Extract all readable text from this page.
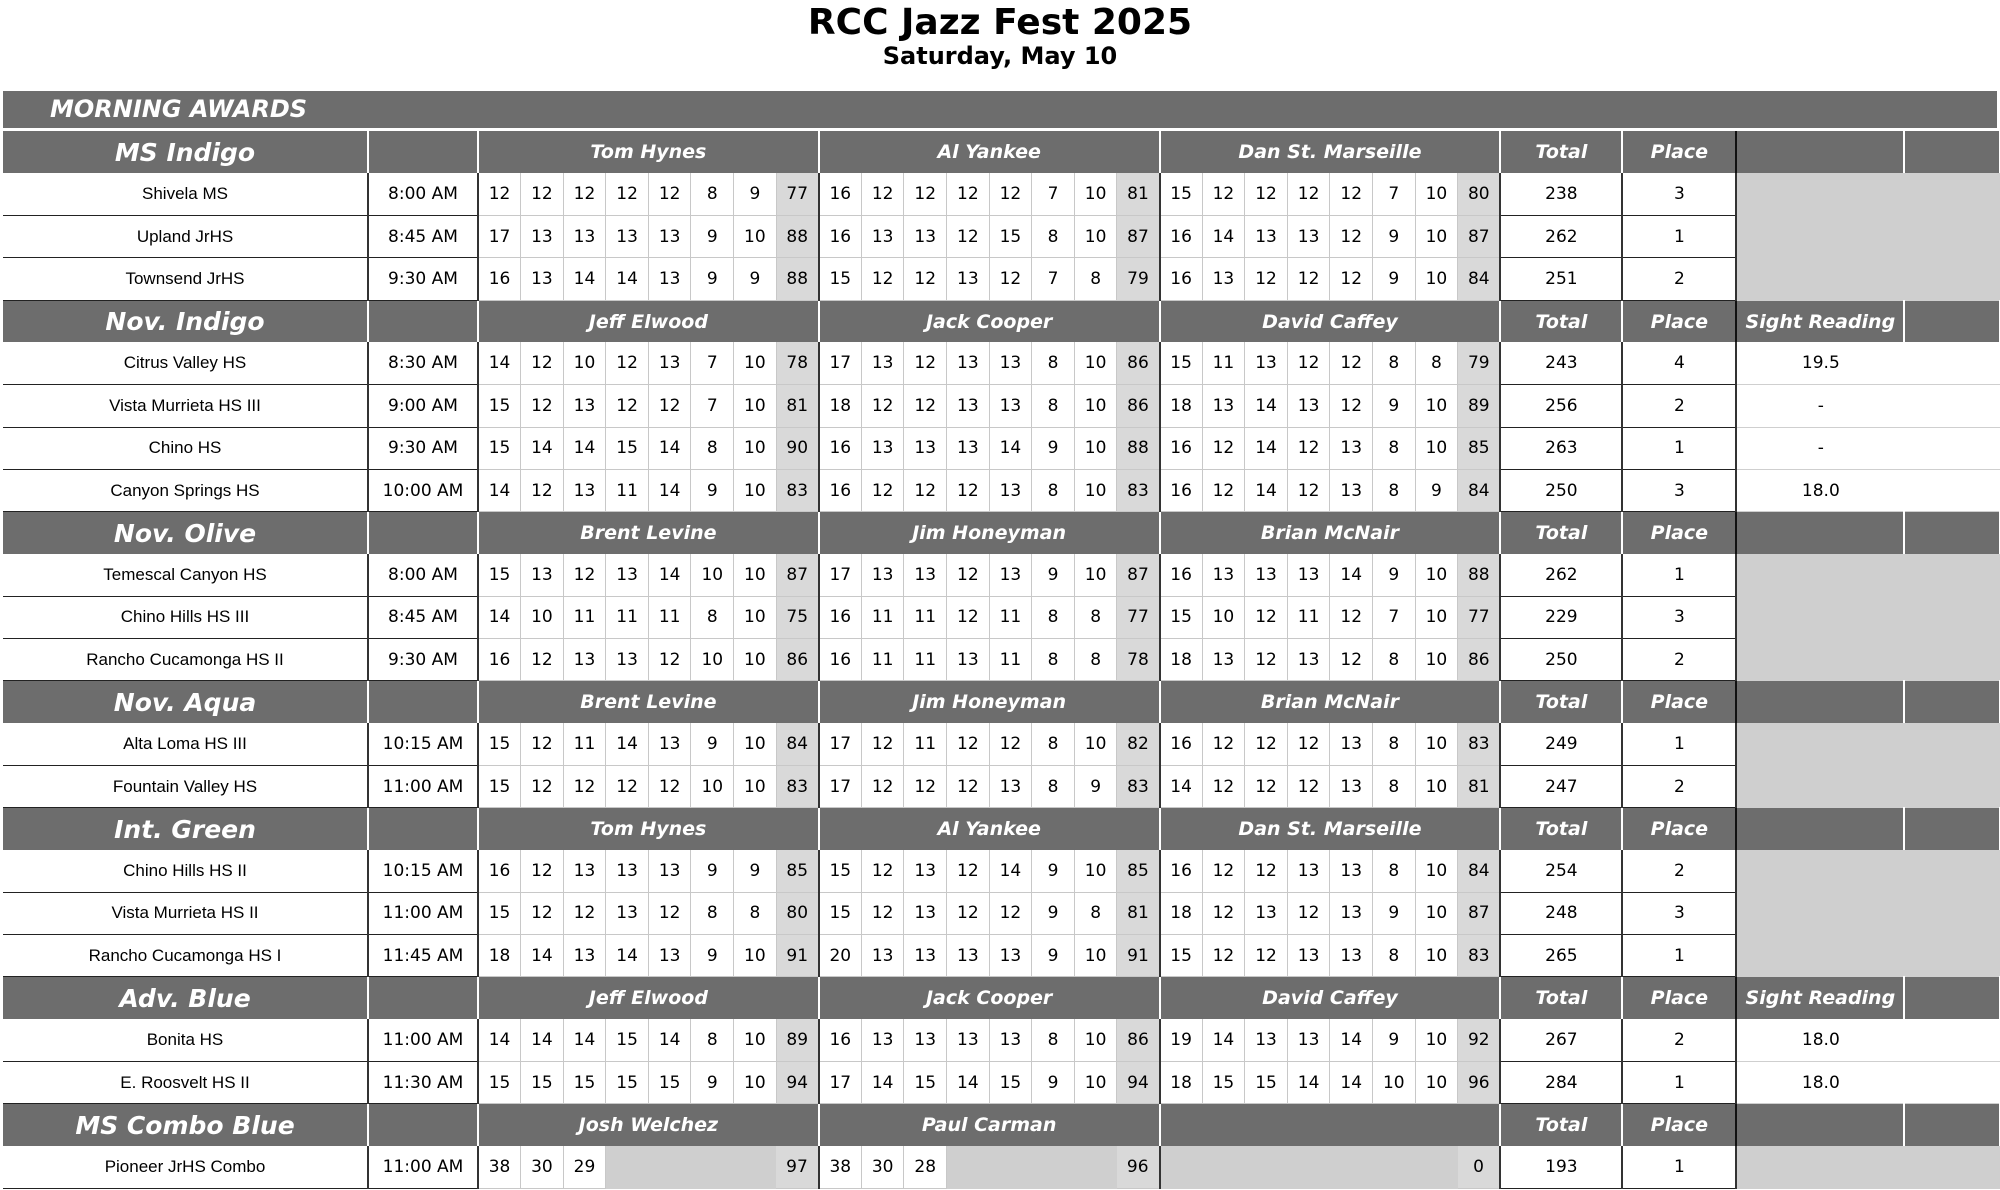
RCC Jazz Fest 2025
Saturday, May 10
MORNING AWARDS
MS Indigo		Tom Hynes								Al Yankee								Dan St. Marseille								Total	Place		
Shivela MS	8:00 AM	12	12	12	12	12	8	9	77	16	12	12	12	12	7	10	81	15	12	12	12	12	7	10	80	238	3		
Upland JrHS	8:45 AM	17	13	13	13	13	9	10	88	16	13	13	12	15	8	10	87	16	14	13	13	12	9	10	87	262	1		
Townsend JrHS	9:30 AM	16	13	14	14	13	9	9	88	15	12	12	13	12	7	8	79	16	13	12	12	12	9	10	84	251	2		
Nov. Indigo		Jeff Elwood								Jack Cooper								David Caffey								Total	Place	Sight Reading	
Citrus Valley HS	8:30 AM	14	12	10	12	13	7	10	78	17	13	12	13	13	8	10	86	15	11	13	12	12	8	8	79	243	4	19.5	
Vista Murrieta HS III	9:00 AM	15	12	13	12	12	7	10	81	18	12	12	13	13	8	10	86	18	13	14	13	12	9	10	89	256	2	-	
Chino HS	9:30 AM	15	14	14	15	14	8	10	90	16	13	13	13	14	9	10	88	16	12	14	12	13	8	10	85	263	1	-	
Canyon Springs HS	10:00 AM	14	12	13	11	14	9	10	83	16	12	12	12	13	8	10	83	16	12	14	12	13	8	9	84	250	3	18.0	
Nov. Olive		Brent Levine								Jim Honeyman								Brian McNair								Total	Place		
Temescal Canyon HS	8:00 AM	15	13	12	13	14	10	10	87	17	13	13	12	13	9	10	87	16	13	13	13	14	9	10	88	262	1		
Chino Hills HS III	8:45 AM	14	10	11	11	11	8	10	75	16	11	11	12	11	8	8	77	15	10	12	11	12	7	10	77	229	3		
Rancho Cucamonga HS II	9:30 AM	16	12	13	13	12	10	10	86	16	11	11	13	11	8	8	78	18	13	12	13	12	8	10	86	250	2		
Nov. Aqua		Brent Levine								Jim Honeyman								Brian McNair								Total	Place		
Alta Loma HS III	10:15 AM	15	12	11	14	13	9	10	84	17	12	11	12	12	8	10	82	16	12	12	12	13	8	10	83	249	1		
Fountain Valley HS	11:00 AM	15	12	12	12	12	10	10	83	17	12	12	12	13	8	9	83	14	12	12	12	13	8	10	81	247	2		
Int. Green		Tom Hynes								Al Yankee								Dan St. Marseille								Total	Place		
Chino Hills HS II	10:15 AM	16	12	13	13	13	9	9	85	15	12	13	12	14	9	10	85	16	12	12	13	13	8	10	84	254	2		
Vista Murrieta HS II	11:00 AM	15	12	12	13	12	8	8	80	15	12	13	12	12	9	8	81	18	12	13	12	13	9	10	87	248	3		
Rancho Cucamonga HS I	11:45 AM	18	14	13	14	13	9	10	91	20	13	13	13	13	9	10	91	15	12	12	13	13	8	10	83	265	1		
Adv. Blue		Jeff Elwood								Jack Cooper								David Caffey								Total	Place	Sight Reading	
Bonita HS	11:00 AM	14	14	14	15	14	8	10	89	16	13	13	13	13	8	10	86	19	14	13	13	14	9	10	92	267	2	18.0	
E. Roosvelt HS II	11:30 AM	15	15	15	15	15	9	10	94	17	14	15	14	15	9	10	94	18	15	15	14	14	10	10	96	284	1	18.0	
MS Combo Blue		Josh Welchez								Paul Carman																Total	Place		
Pioneer JrHS Combo	11:00 AM	38	30	29					97	38	30	28					96								0	193	1		
